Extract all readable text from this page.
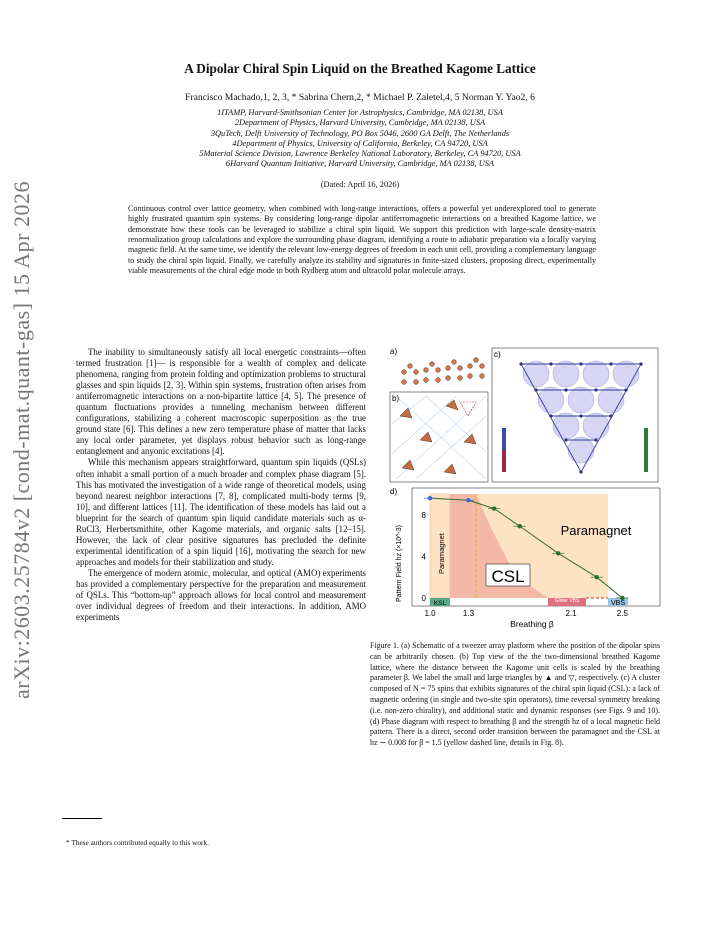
arXiv:2603.25784v2 [cond-mat.quant-gas] 15 Apr 2026
A Dipolar Chiral Spin Liquid on the Breathed Kagome Lattice
Francisco Machado,1, 2, 3, * Sabrina Chern,2, * Michael P. Zaletel,4, 5 Norman Y. Yao2, 6
1ITAMP, Harvard-Smithsonian Center for Astrophysics, Cambridge, MA 02138, USA
2Department of Physics, Harvard University, Cambridge, MA 02138, USA
3QuTech, Delft University of Technology, PO Box 5046, 2600 GA Delft, The Netherlands
4Department of Physics, University of California, Berkeley, CA 94720, USA
5Material Science Division, Lawrence Berkeley National Laboratory, Berkeley, CA 94720, USA
6Harvard Quantum Initiative, Harvard University, Cambridge, MA 02138, USA
(Dated: April 16, 2026)
Continuous control over lattice geometry, when combined with long-range interactions, offers a powerful yet underexplored tool to generate highly frustrated quantum spin systems. By considering long-range dipolar antiferromagnetic interactions on a breathed Kagome lattice, we demonstrate how these tools can be leveraged to stabilize a chiral spin liquid. We support this prediction with large-scale density-matrix renormalization group calculations and explore the surrounding phase diagram, identifying a route to adiabatic preparation via a locally varying magnetic field. At the same time, we identify the relevant low-energy degrees of freedom in each unit cell, providing a complementary language to study the chiral spin liquid. Finally, we carefully analyze its stability and signatures in finite-sized clusters, proposing direct, experimentally viable measurements of the chiral edge mode in both Rydberg atom and ultracold polar molecule arrays.

The inability to simultaneously satisfy all local energetic constraints—often termed frustration [1]— is responsible for a wealth of complex and delicate phenomena, ranging from protein folding and optimization problems to structural glasses and spin liquids [2, 3]. Within spin systems, frustration often arises from antiferromagnetic interactions on a non-bipartite lattice [4, 5]. The presence of quantum fluctuations provides a tunneling mechanism between different configurations, stabilizing a coherent macroscopic superposition as the true ground state [6]. This defines a new zero temperature phase of matter that lacks any local order parameter, yet displays robust behavior such as long-range entanglement and anyonic excitations [4].

While this mechanism appears straightforward, quantum spin liquids (QSLs) often inhabit a small portion of a much broader and complex phase diagram [5]. This has motivated the investigation of a wide range of theoretical models, using beyond nearest neighbor interactions [7, 8], complicated multi-body terms [9, 10], and different lattices [11]. The identification of these models has laid out a blueprint for the search of quantum spin liquid candidate materials such as α-RuCl3, Herbertsmithite, other Kagome materials, and organic salts [12–15]. However, the lack of clear positive signatures has precluded the definite experimental identification of a spin liquid [16], motivating the search for new approaches and models for their stabilization and study.

The emergence of modern atomic, molecular, and optical (AMO) experiments has provided a complementary perspective for the preparation and measurement of QSLs. This “bottom-up” approach allows for local control and measurement over individual degrees of freedom and their interactions. In addition, AMO experiments

* These authors contributed equally to this work.
a)
b)
c)
d)
CSL
Paramagnet
Paramagnet
KSL	Glider VBS	VBS
1.0	1.3	2.1	2.5
0
4
8
Breathing β
Pattern Field hz (×10^-3)
Figure 1. (a) Schematic of a tweezer array platform where the position of the dipolar spins can be arbitrarily chosen. (b) Top view of the the two-dimensional breathed Kagome lattice, where the distance between the Kagome unit cells is scaled by the breathing parameter β. We label the small and large triangles by ▲ and ▽, respectively. (c) A cluster composed of N = 75 spins that exhibits signatures of the chiral spin liquid (CSL): a lack of magnetic ordering (in single and two-site spin operators), time reversal symmetry breaking (i.e. non-zero chirality), and additional static and dynamic responses (see Figs. 9 and 10). (d) Phase diagram with respect to breathing β and the strength hz of a local magnetic field pattern. There is a direct, second order transition between the paramagnet and the CSL at hz ∼ 0.008 for β = 1.5 (yellow dashed line, details in Fig. 8).
